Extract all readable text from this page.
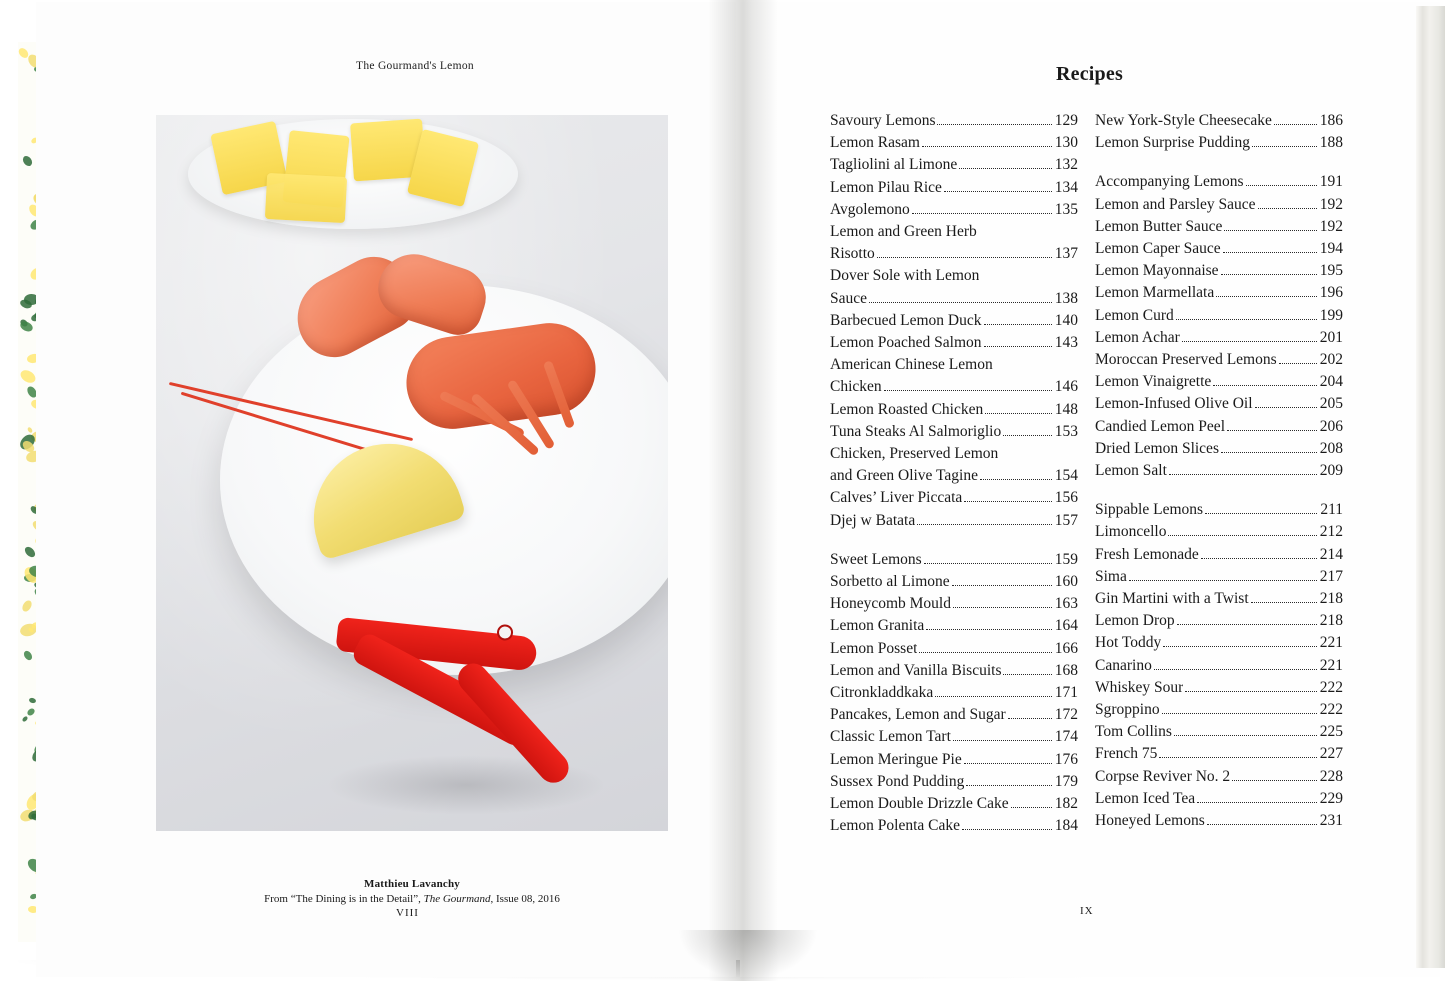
The Gourmand's Lemon
Matthieu Lavanchy
From “The Dining is in the Detail”, The Gourmand, Issue 08, 2016
VIII
Recipes
Savoury Lemons	129
Lemon Rasam	130
Tagliolini al Limone	132
Lemon Pilau Rice	134
Avgolemono	135
Lemon and Green Herb
Risotto	137
Dover Sole with Lemon
Sauce	138
Barbecued Lemon Duck	140
Lemon Poached Salmon	143
American Chinese Lemon
Chicken	146
Lemon Roasted Chicken	148
Tuna Steaks Al Salmoriglio	153
Chicken, Preserved Lemon
and Green Olive Tagine	154
Calves’ Liver Piccata	156
Djej w Batata	157
Sweet Lemons	159
Sorbetto al Limone	160
Honeycomb Mould	163
Lemon Granita	164
Lemon Posset	166
Lemon and Vanilla Biscuits	168
Citronkladdkaka	171
Pancakes, Lemon and Sugar	172
Classic Lemon Tart	174
Lemon Meringue Pie	176
Sussex Pond Pudding	179
Lemon Double Drizzle Cake	182
Lemon Polenta Cake	184
New York-Style Cheesecake	186
Lemon Surprise Pudding	188
Accompanying Lemons	191
Lemon and Parsley Sauce	192
Lemon Butter Sauce	192
Lemon Caper Sauce	194
Lemon Mayonnaise	195
Lemon Marmellata	196
Lemon Curd	199
Lemon Achar	201
Moroccan Preserved Lemons	202
Lemon Vinaigrette	204
Lemon-Infused Olive Oil	205
Candied Lemon Peel	206
Dried Lemon Slices	208
Lemon Salt	209
Sippable Lemons	211
Limoncello	212
Fresh Lemonade	214
Sima	217
Gin Martini with a Twist	218
Lemon Drop	218
Hot Toddy	221
Canarino	221
Whiskey Sour	222
Sgroppino	222
Tom Collins	225
French 75	227
Corpse Reviver No. 2	228
Lemon Iced Tea	229
Honeyed Lemons	231
IX
